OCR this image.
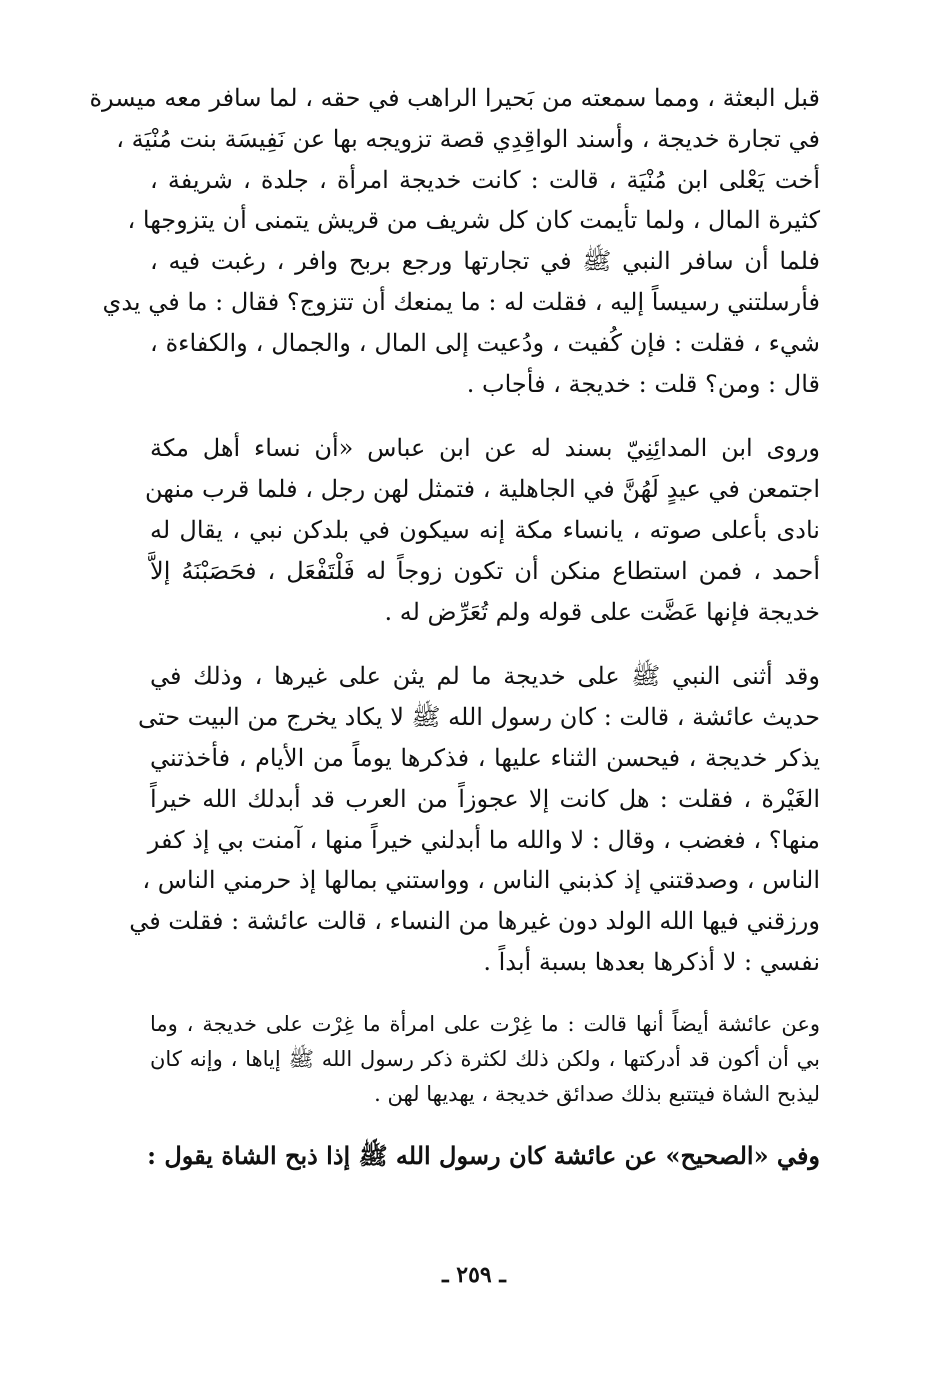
قبل البعثة ، ومما سمعته من بَحيرا الراهب في حقه ، لما سافر معه ميسرة
في تجارة خديجة ، وأسند الواقِدِي قصة تزويجه بها عن نَفِيسَة بنت مُنْيَة ،
أخت يَعْلى ابن مُنْيَة ، قالت : كانت خديجة امرأة ، جلدة ، شريفة ،
كثيرة المال ، ولما تأيمت كان كل شريف من قريش يتمنى أن يتزوجها ،
فلما أن سافر النبي ﷺ في تجارتها ورجع بربح وافر ، رغبت فيه ،
فأرسلتني رسيساً إليه ، فقلت له : ما يمنعك أن تتزوج؟ فقال : ما في يدي
شيء ، فقلت : فإن كُفيت ، ودُعيت إلى المال ، والجمال ، والكفاءة ،
قال : ومن؟ قلت : خديجة ، فأجاب .
وروى ابن المدائِنِيّ بسند له عن ابن عباس «أن نساء أهل مكة
اجتمعن في عيدٍ لَهُنَّ في الجاهلية ، فتمثل لهن رجل ، فلما قرب منهن
نادى بأعلى صوته ، يانساء مكة إنه سيكون في بلدكن نبي ، يقال له
أحمد ، فمن استطاع منكن أن تكون زوجاً له فَلْتَفْعَل ، فحَصَبْنَهُ إلاَّ
خديجة فإنها عَضَّت على قوله ولم تُعَرِّض له .
وقد أثنى النبي ﷺ على خديجة ما لم يثن على غيرها ، وذلك في
حديث عائشة ، قالت : كان رسول الله ﷺ لا يكاد يخرج من البيت حتى
يذكر خديجة ، فيحسن الثناء عليها ، فذكرها يوماً من الأيام ، فأخذتني
الغَيْرة ، فقلت : هل كانت إلا عجوزاً من العرب قد أبدلك الله خيراً
منها؟ ، فغضب ، وقال : لا والله ما أبدلني خيراً منها ، آمنت بي إذ كفر
الناس ، وصدقتني إذ كذبني الناس ، وواستني بمالها إذ حرمني الناس ،
ورزقني فيها الله الولد دون غيرها من النساء ، قالت عائشة : فقلت في
نفسي : لا أذكرها بعدها بسبة أبداً .
وعن عائشة أيضاً أنها قالت : ما غِرْت على امرأة ما غِرْت على خديجة ، وما
بي أن أكون قد أدركتها ، ولكن ذلك لكثرة ذكر رسول الله ﷺ إياها ، وإنه كان
ليذبح الشاة فيتتبع بذلك صدائق خديجة ، يهديها لهن .
وفي «الصحيح» عن عائشة كان رسول الله ﷺ إذا ذبح الشاة يقول :
ـ ٢٥٩ ـ
